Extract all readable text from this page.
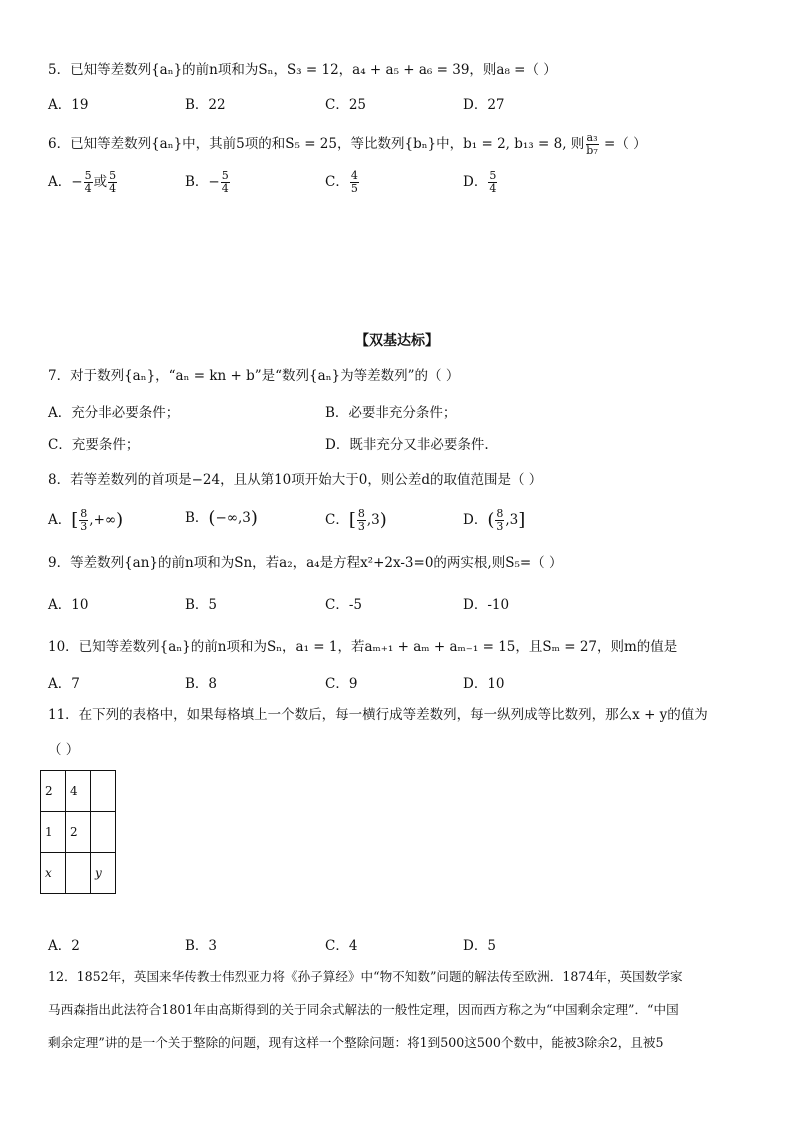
5．已知等差数列{aₙ}的前n项和为Sₙ，S₃ = 12，a₄ + a₅ + a₆ = 39，则a₈ =（ ）
A．19	B．22	C．25	D．27
6．已知等差数列{aₙ}中，其前5项的和S₅ = 25，等比数列{bₙ}中，b₁ = 2, b₁₃ = 8, 则 $\frac{\text{a₃}}{\text{b₇}}$ =（ ）
A．− $\frac{5}{4}$ 或 $\frac{5}{4}$	B．− $\frac{5}{4}$	C． $\frac{4}{5}$	D． $\frac{5}{4}$
【双基达标】
7．对于数列{aₙ}，“aₙ = kn + b”是“数列{aₙ}为等差数列”的（ ）
A．充分非必要条件；	B．必要非充分条件；
C．充要条件；	D．既非充分又非必要条件.
8．若等差数列的首项是−24，且从第10项开始大于0，则公差d的取值范围是（ ）
A．[ $\frac{8}{3}$ ,+∞)	B．(−∞,3)	C．[ $\frac{8}{3} ,3$)	D．( $\frac{8}{3} ,3$]
9．等差数列{an}的前n项和为Sn，若a₂，a₄是方程x²+2x-3=0的两实根,则S₅=（ ）
A．10	B．5	C．-5	D．-10
10．已知等差数列{aₙ}的前n项和为Sₙ，a₁ = 1，若aₘ₊₁ + aₘ + aₘ₋₁ = 15，且Sₘ = 27，则m的值是
A．7	B．8	C．9	D．10
11．在下列的表格中，如果每格填上一个数后，每一横行成等差数列，每一纵列成等比数列，那么x + y的值为
（ ）
2	4	
1	2	
x		y
A．2	B．3	C．4	D．5
12．1852年，英国来华传教士伟烈亚力将《孙子算经》中“物不知数”问题的解法传至欧洲．1874年，英国数学家
马西森指出此法符合1801年由高斯得到的关于同余式解法的一般性定理，因而西方称之为“中国剩余定理”．“中国
剩余定理”讲的是一个关于整除的问题，现有这样一个整除问题：将1到500这500个数中，能被3除余2，且被5
